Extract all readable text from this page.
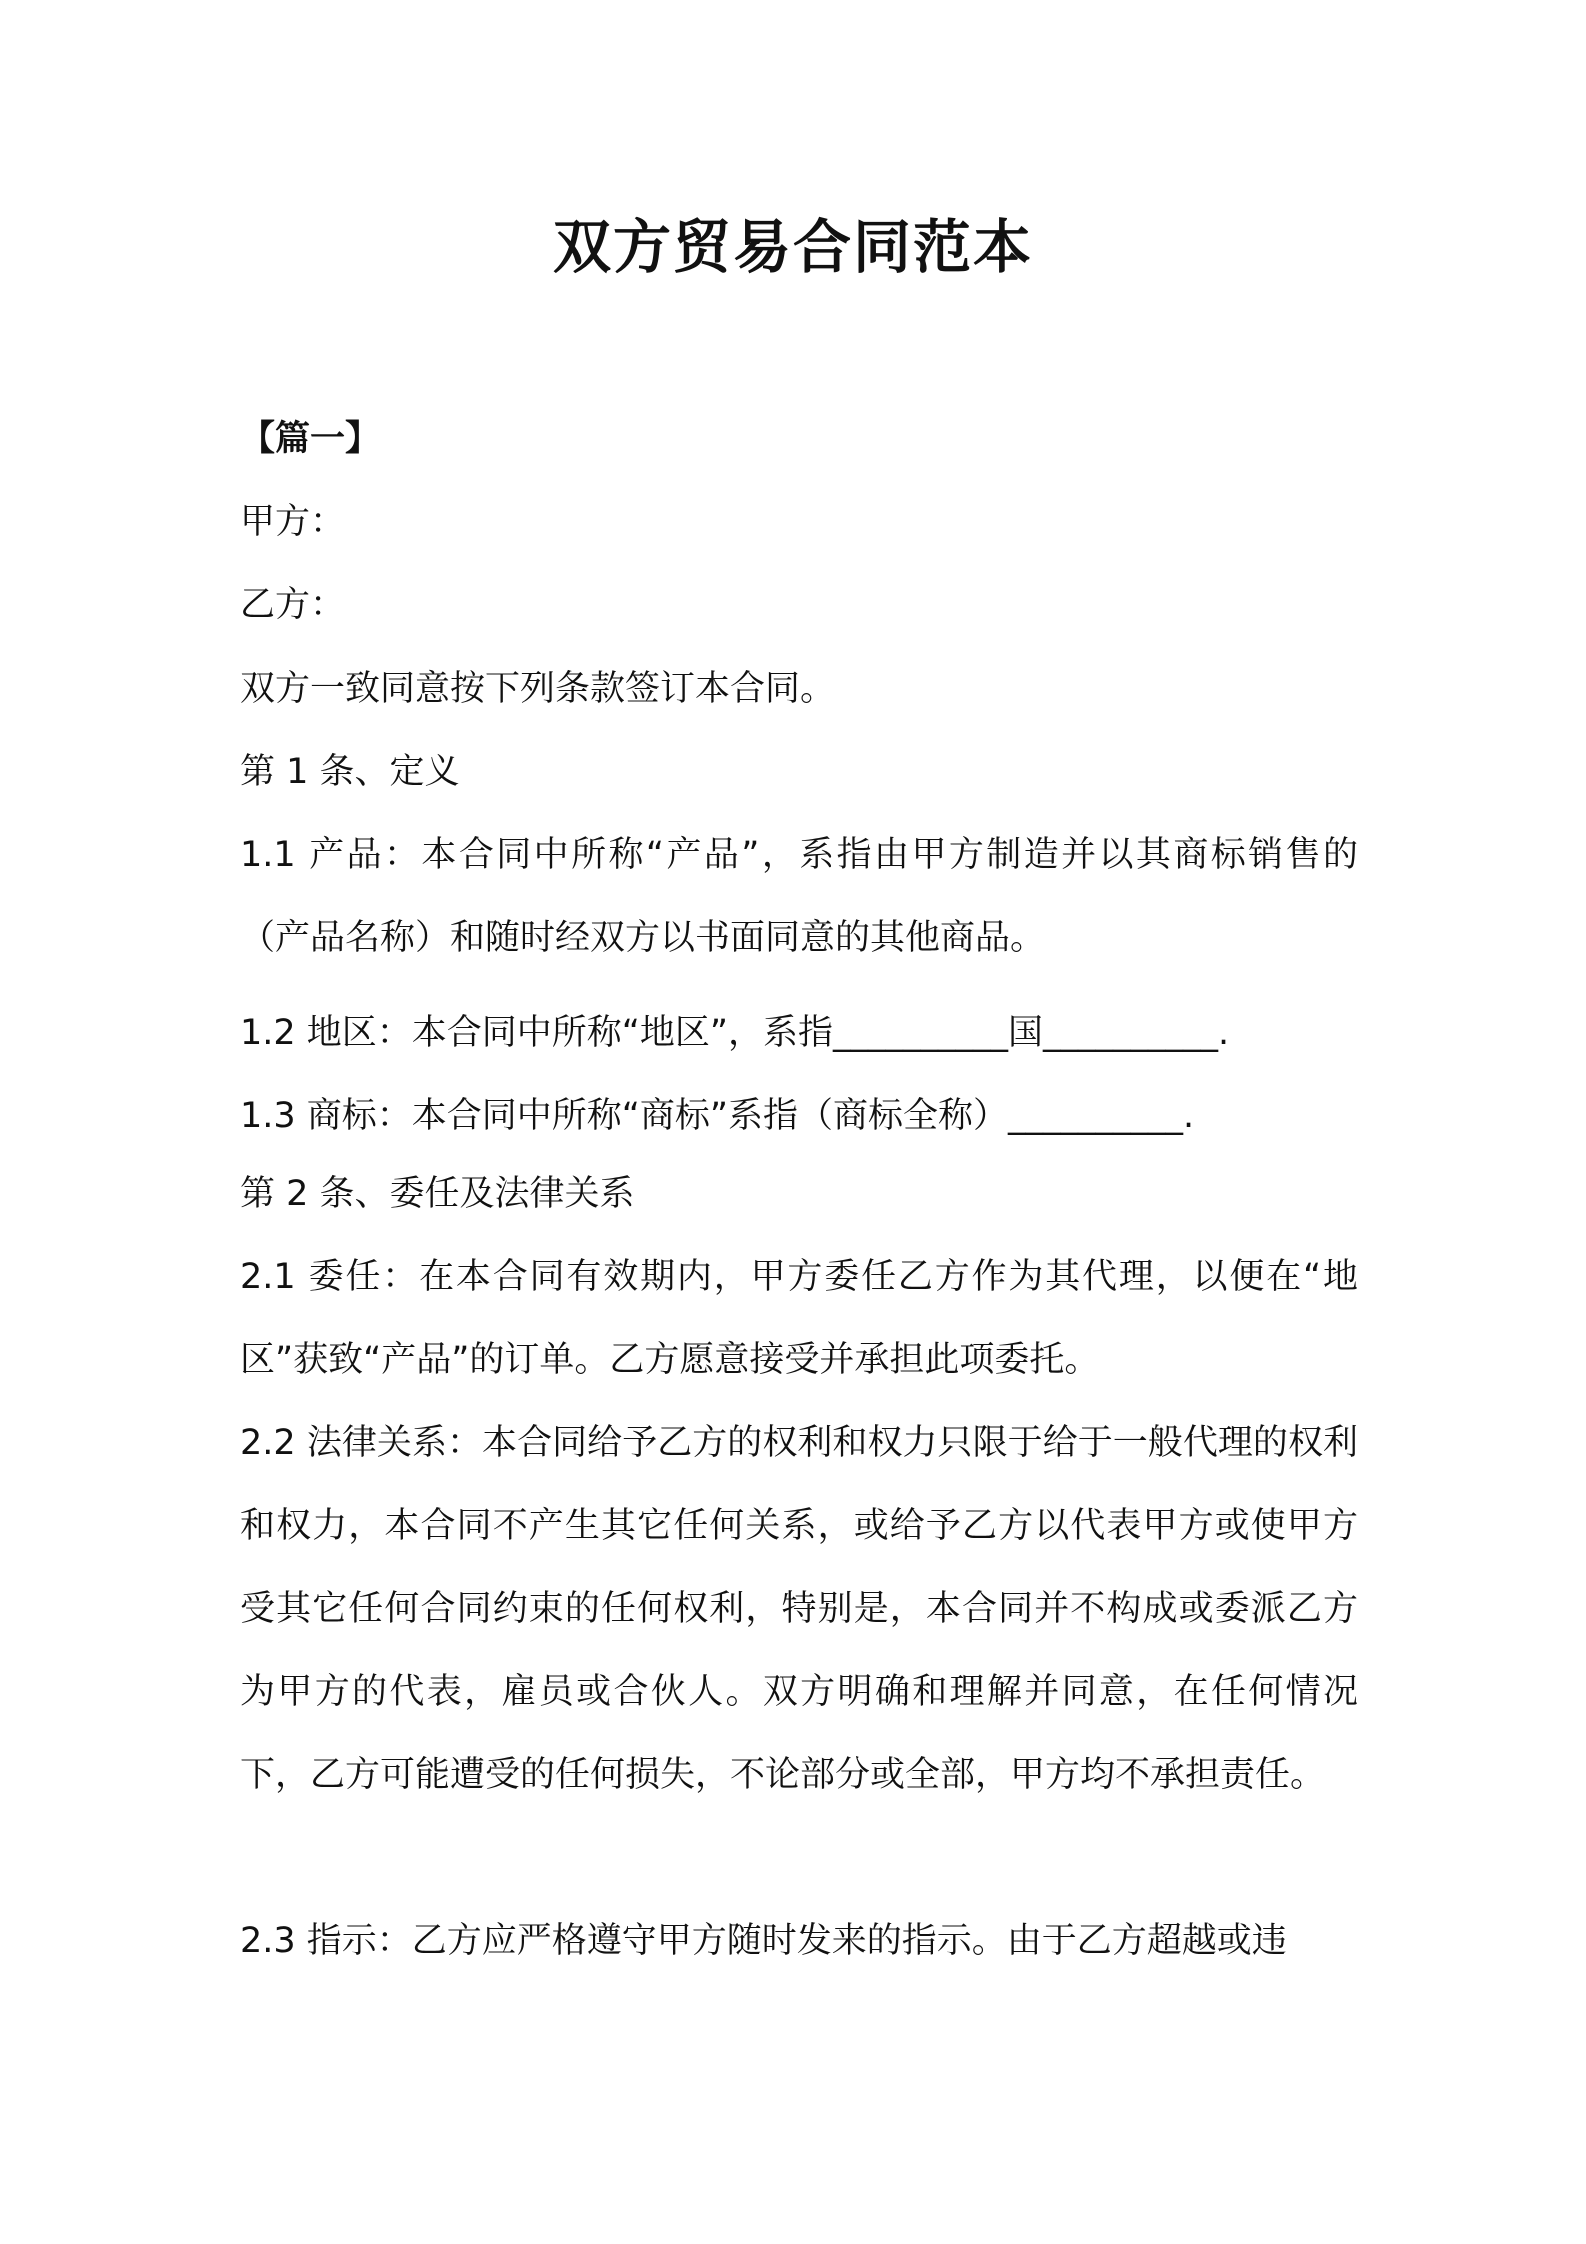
双方贸易合同范本
【篇一】
甲方：
乙方：
双方一致同意按下列条款签订本合同。
第 1 条、定义
1.1 产品：本合同中所称“产品”，系指由甲方制造并以其商标销售的（产品名称）和随时经双方以书面同意的其他商品。
1.2 地区：本合同中所称“地区”，系指__________国__________.
1.3 商标：本合同中所称“商标”系指（商标全称）__________.
第 2 条、委任及法律关系
2.1 委任：在本合同有效期内，甲方委任乙方作为其代理，以便在“地区”获致“产品”的订单。乙方愿意接受并承担此项委托。
2.2 法律关系：本合同给予乙方的权利和权力只限于给于一般代理的权利和权力，本合同不产生其它任何关系，或给予乙方以代表甲方或使甲方受其它任何合同约束的任何权利，特别是，本合同并不构成或委派乙方为甲方的代表，雇员或合伙人。双方明确和理解并同意，在任何情况下，乙方可能遭受的任何损失，不论部分或全部，甲方均不承担责任。
2.3 指示：乙方应严格遵守甲方随时发来的指示。由于乙方超越或违
